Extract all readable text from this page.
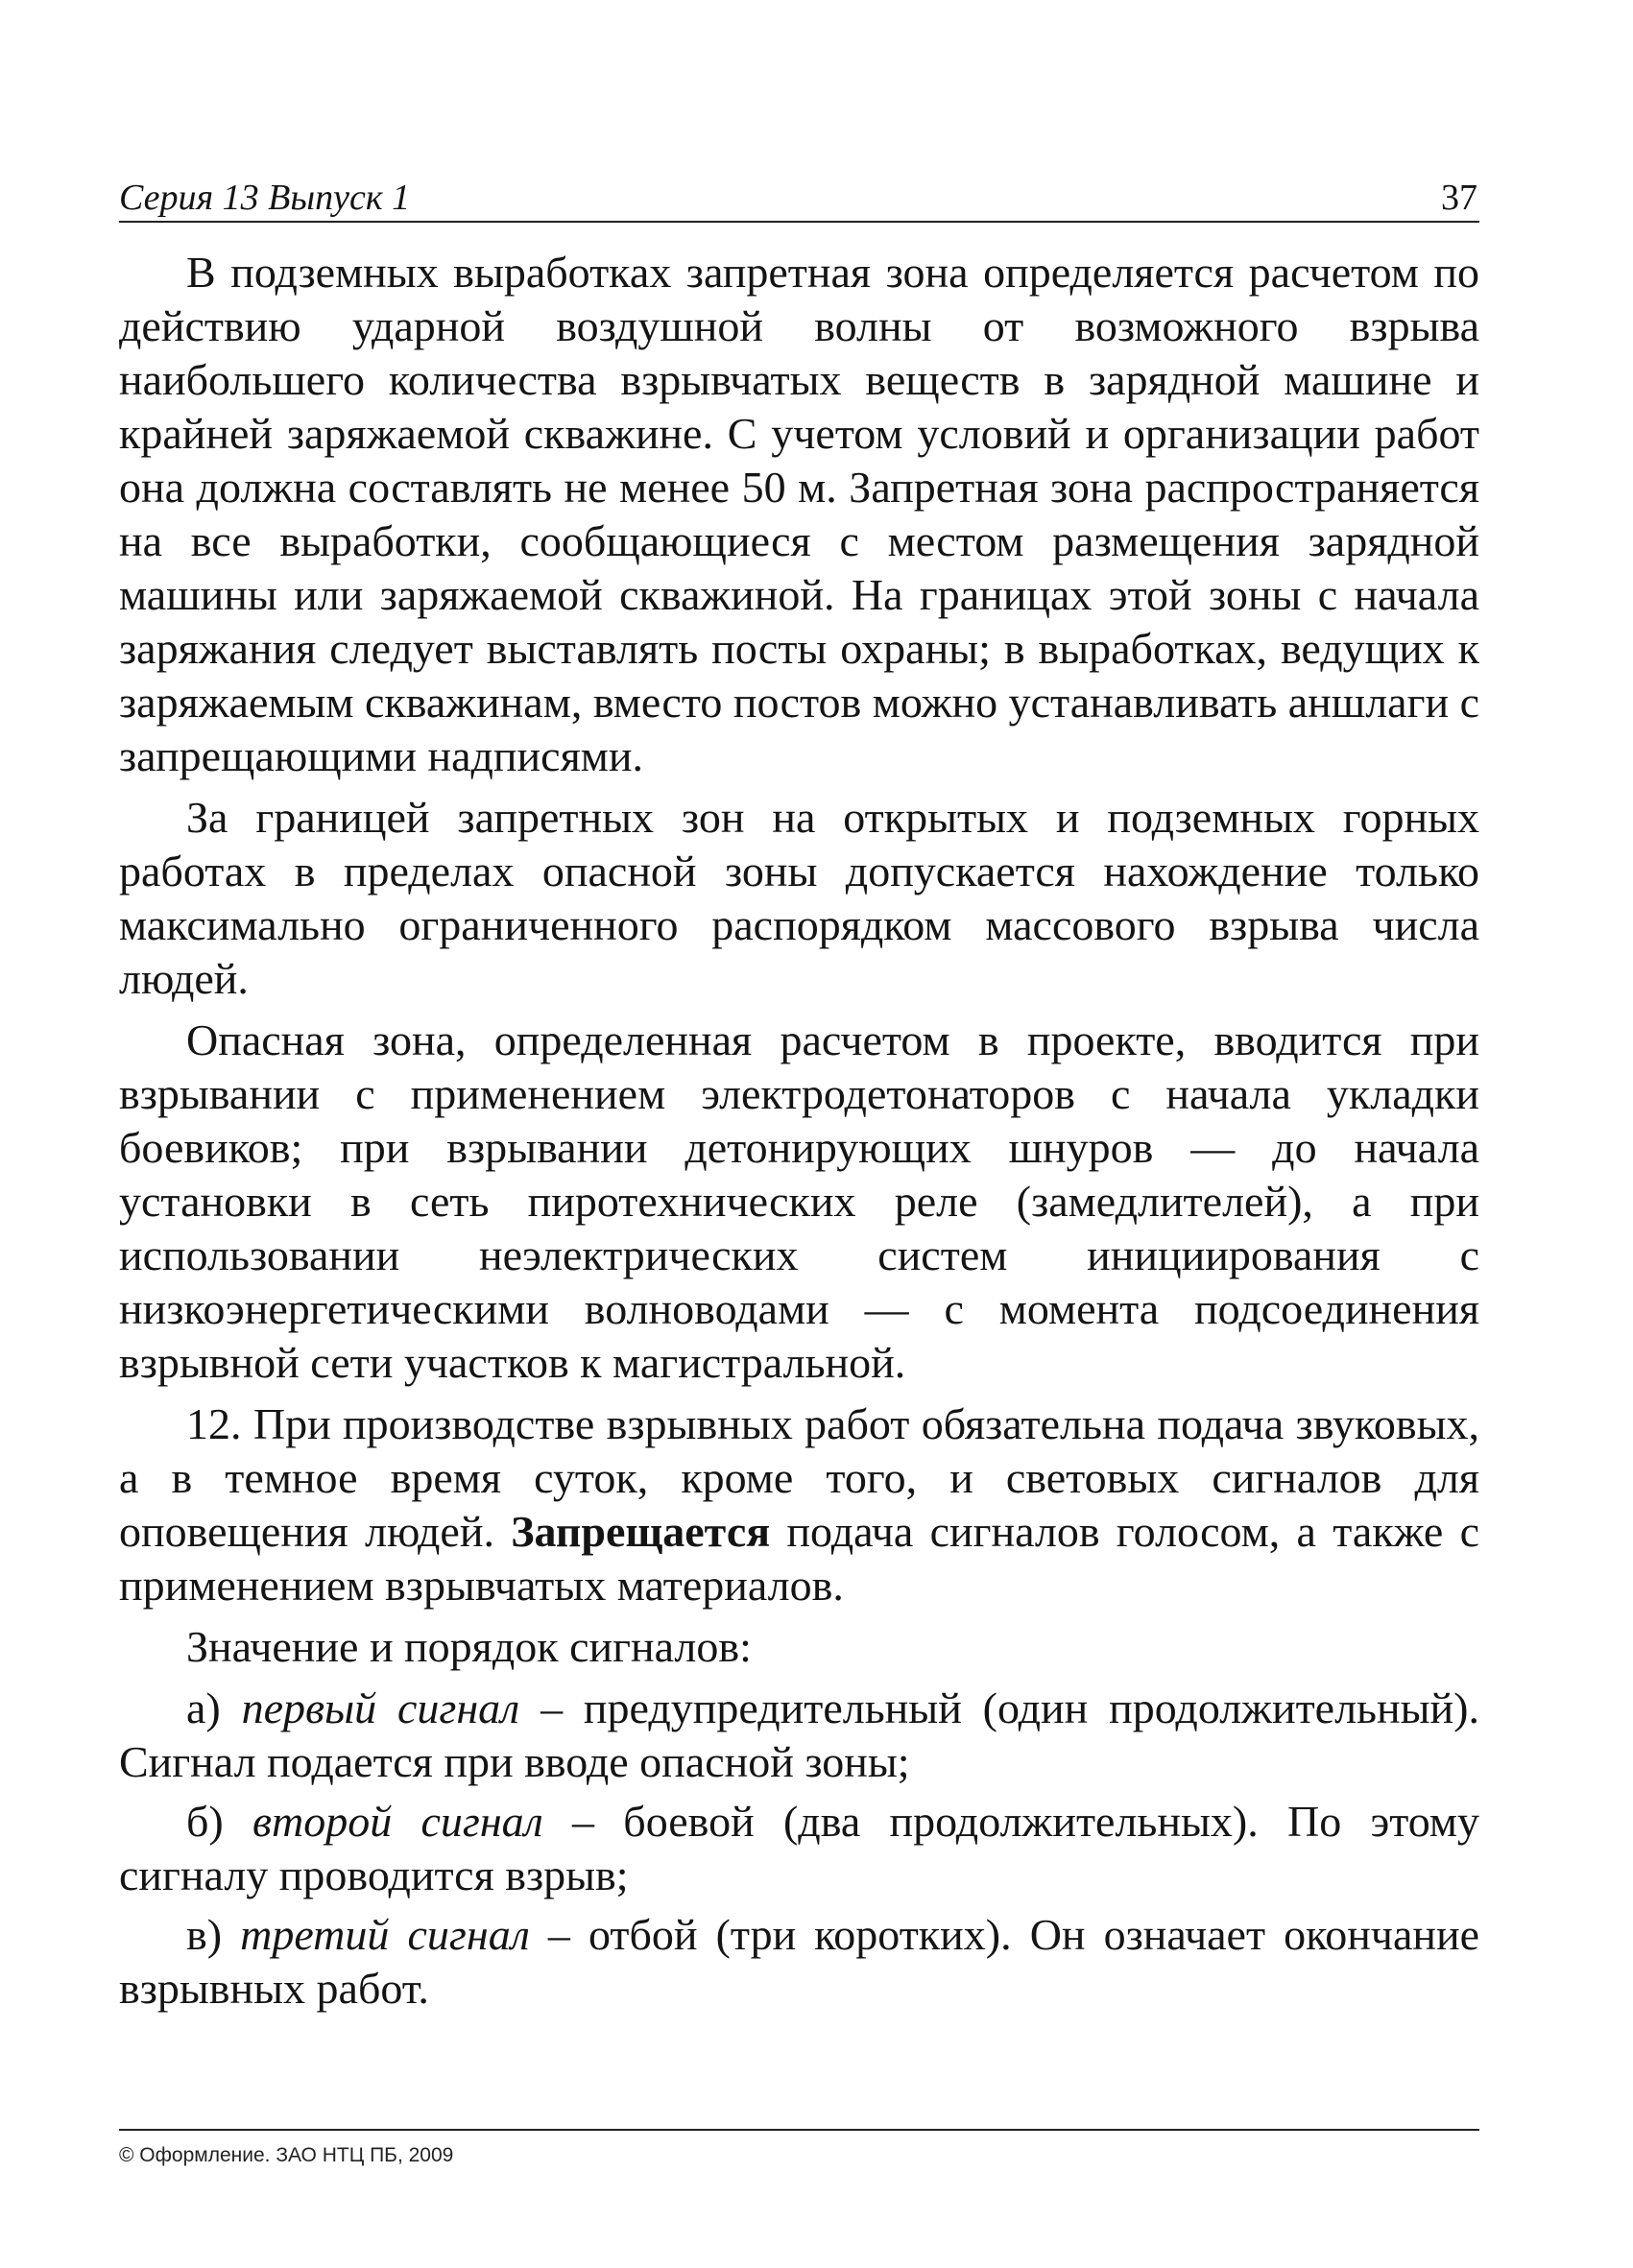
Серия 13 Выпуск 1	37

В подземных выработках запретная зона определяется расчетом по действию ударной воздушной волны от возможного взрыва наибольшего количества взрывчатых веществ в зарядной машине и крайней заряжаемой скважине. С учетом условий и организации работ она должна составлять не менее 50 м. Запретная зона распространяется на все выработки, сообщающиеся с местом размещения зарядной машины или заряжаемой скважиной. На границах этой зоны с начала заряжания следует выставлять посты охраны; в выработках, ведущих к заряжаемым скважинам, вместо постов можно устанавливать аншлаги с запрещающими надписями.

За границей запретных зон на открытых и подземных горных работах в пределах опасной зоны допускается нахождение только максимально ограниченного распорядком массового взрыва числа людей.

Опасная зона, определенная расчетом в проекте, вводится при взрывании с применением электродетонаторов с начала укладки боевиков; при взрывании детонирующих шнуров — до начала установки в сеть пиротехнических реле (замедлителей), а при использовании неэлектрических систем инициирования с низкоэнергетическими волноводами — с момента подсоединения взрывной сети участков к магистральной.

12. При производстве взрывных работ обязательна подача звуковых, а в темное время суток, кроме того, и световых сигналов для оповещения людей. Запрещается подача сигналов голосом, а также с применением взрывчатых материалов.

Значение и порядок сигналов:

а) первый сигнал – предупредительный (один продолжительный). Сигнал подается при вводе опасной зоны;

б) второй сигнал – боевой (два продолжительных). По этому сигналу проводится взрыв;

в) третий сигнал – отбой (три коротких). Он означает окончание взрывных работ.

© Оформление. ЗАО НТЦ ПБ, 2009
